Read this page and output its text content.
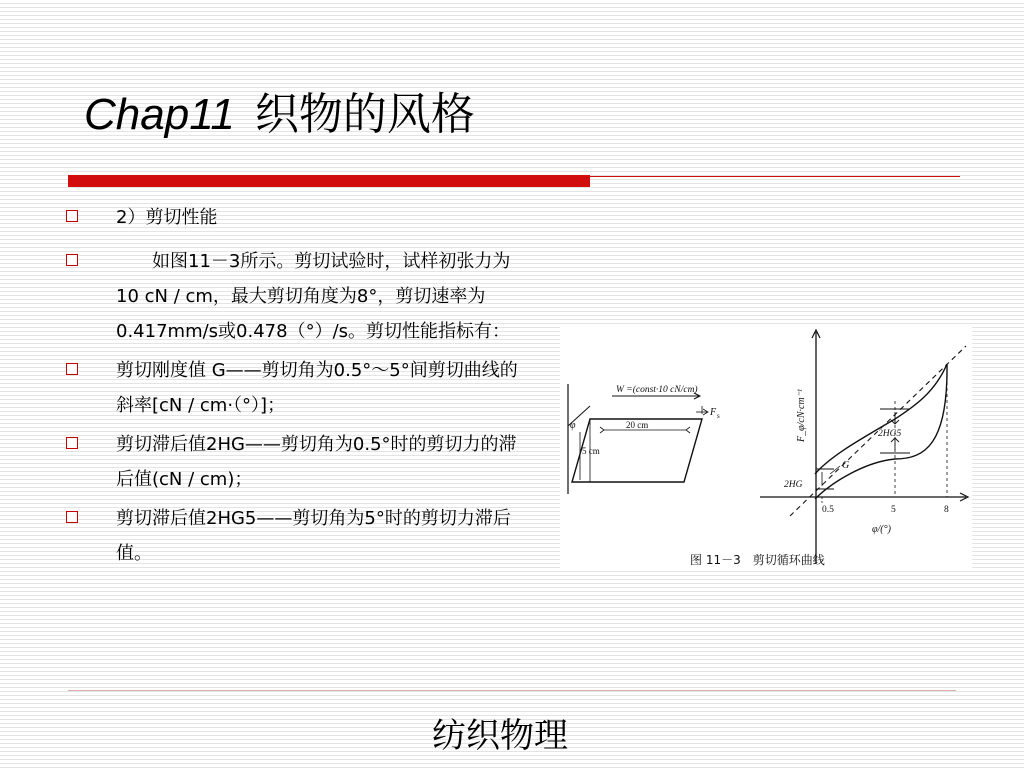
Chap11 织物的风格
2）剪切性能
　　如图11－3所示。剪切试验时，试样初张力为10 cN / cm，最大剪切角度为8°，剪切速率为0.417mm/s或0.478（°）/s。剪切性能指标有：
剪切刚度值 G——剪切角为0.5°～5°间剪切曲线的斜率[cN / cm·（°）]；
剪切滞后值2HG——剪切角为0.5°时的剪切力的滞后值(cN / cm)；
剪切滞后值2HG5——剪切角为5°时的剪切力滞后值。
W =(const·10 cN/cm)
F s
φ	20 cm
5 cm
F_φ/cN·cm⁻¹
0.5	5	8
φ/(°)
G
2HG
2HG5
图 11－3　剪切循环曲线

纺织物理
